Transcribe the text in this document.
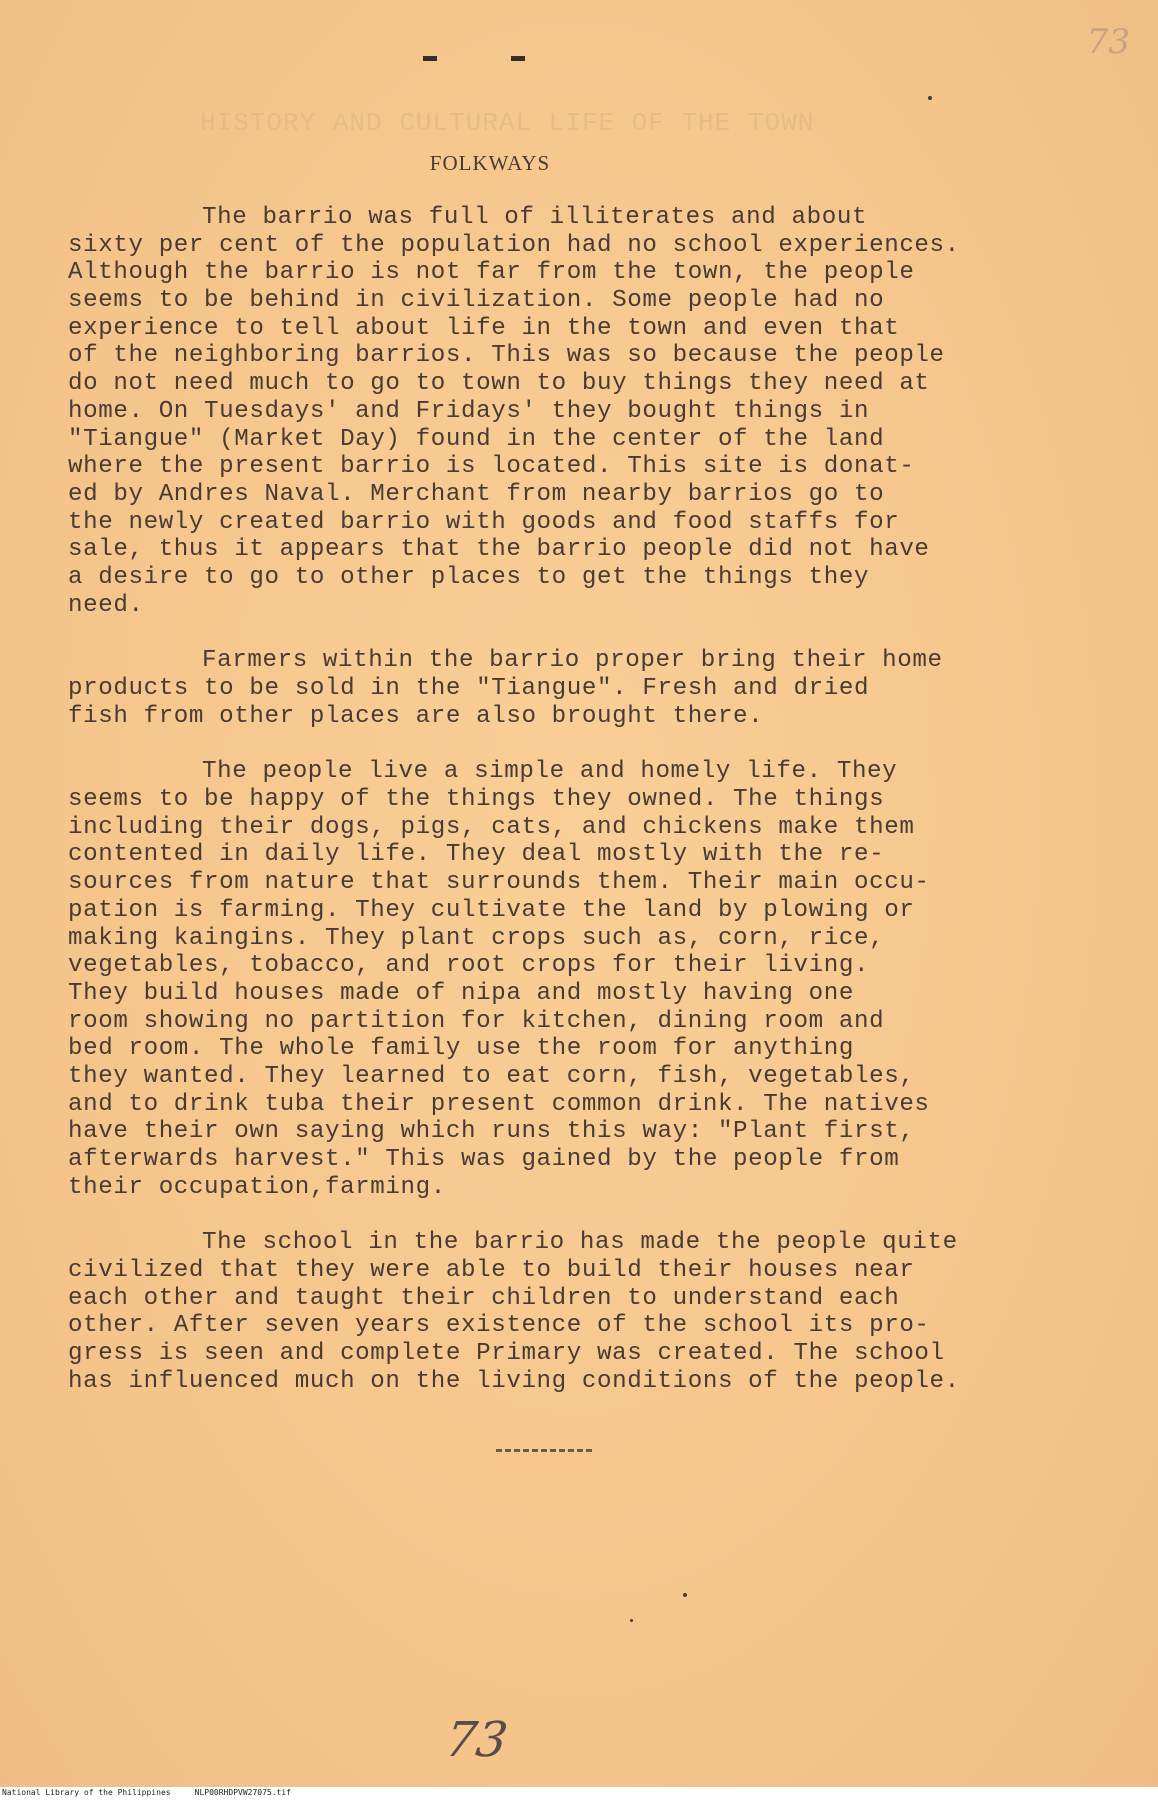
HISTORY AND CULTURAL LIFE OF THE TOWN
73
FOLKWAYS
The barrio was full of illiterates and about
sixty per cent of the population had no school experiences.
Although the barrio is not far from the town, the people
seems to be behind in civilization. Some people had no
experience to tell about life in the town and even that
of the neighboring barrios. This was so because the people
do not need much to go to town to buy things they need at
home. On Tuesdays' and Fridays' they bought things in
"Tiangue" (Market Day) found in the center of the land
where the present barrio is located. This site is donat-
ed by Andres Naval. Merchant from nearby barrios go to
the newly created barrio with goods and food staffs for
sale, thus it appears that the barrio people did not have
a desire to go to other places to get the things they
need.
Farmers within the barrio proper bring their home
products to be sold in the "Tiangue". Fresh and dried
fish from other places are also brought there.
The people live a simple and homely life. They
seems to be happy of the things they owned. The things
including their dogs, pigs, cats, and chickens make them
contented in daily life. They deal mostly with the re-
sources from nature that surrounds them. Their main occu-
pation is farming. They cultivate the land by plowing or
making kaingins. They plant crops such as, corn, rice,
vegetables, tobacco, and root crops for their living.
They build houses made of nipa and mostly having one
room showing no partition for kitchen, dining room and
bed room. The whole family use the room for anything
they wanted. They learned to eat corn, fish, vegetables,
and to drink tuba their present common drink. The natives
have their own saying which runs this way: "Plant first,
afterwards harvest." This was gained by the people from
their occupation,farming.
The school in the barrio has made the people quite
civilized that they were able to build their houses near
each other and taught their children to understand each
other. After seven years existence of the school its pro-
gress is seen and complete Primary was created. The school
has influenced much on the living conditions of the people.
73
National Library of the Philippines     NLP00RHDPVW27075.tif
